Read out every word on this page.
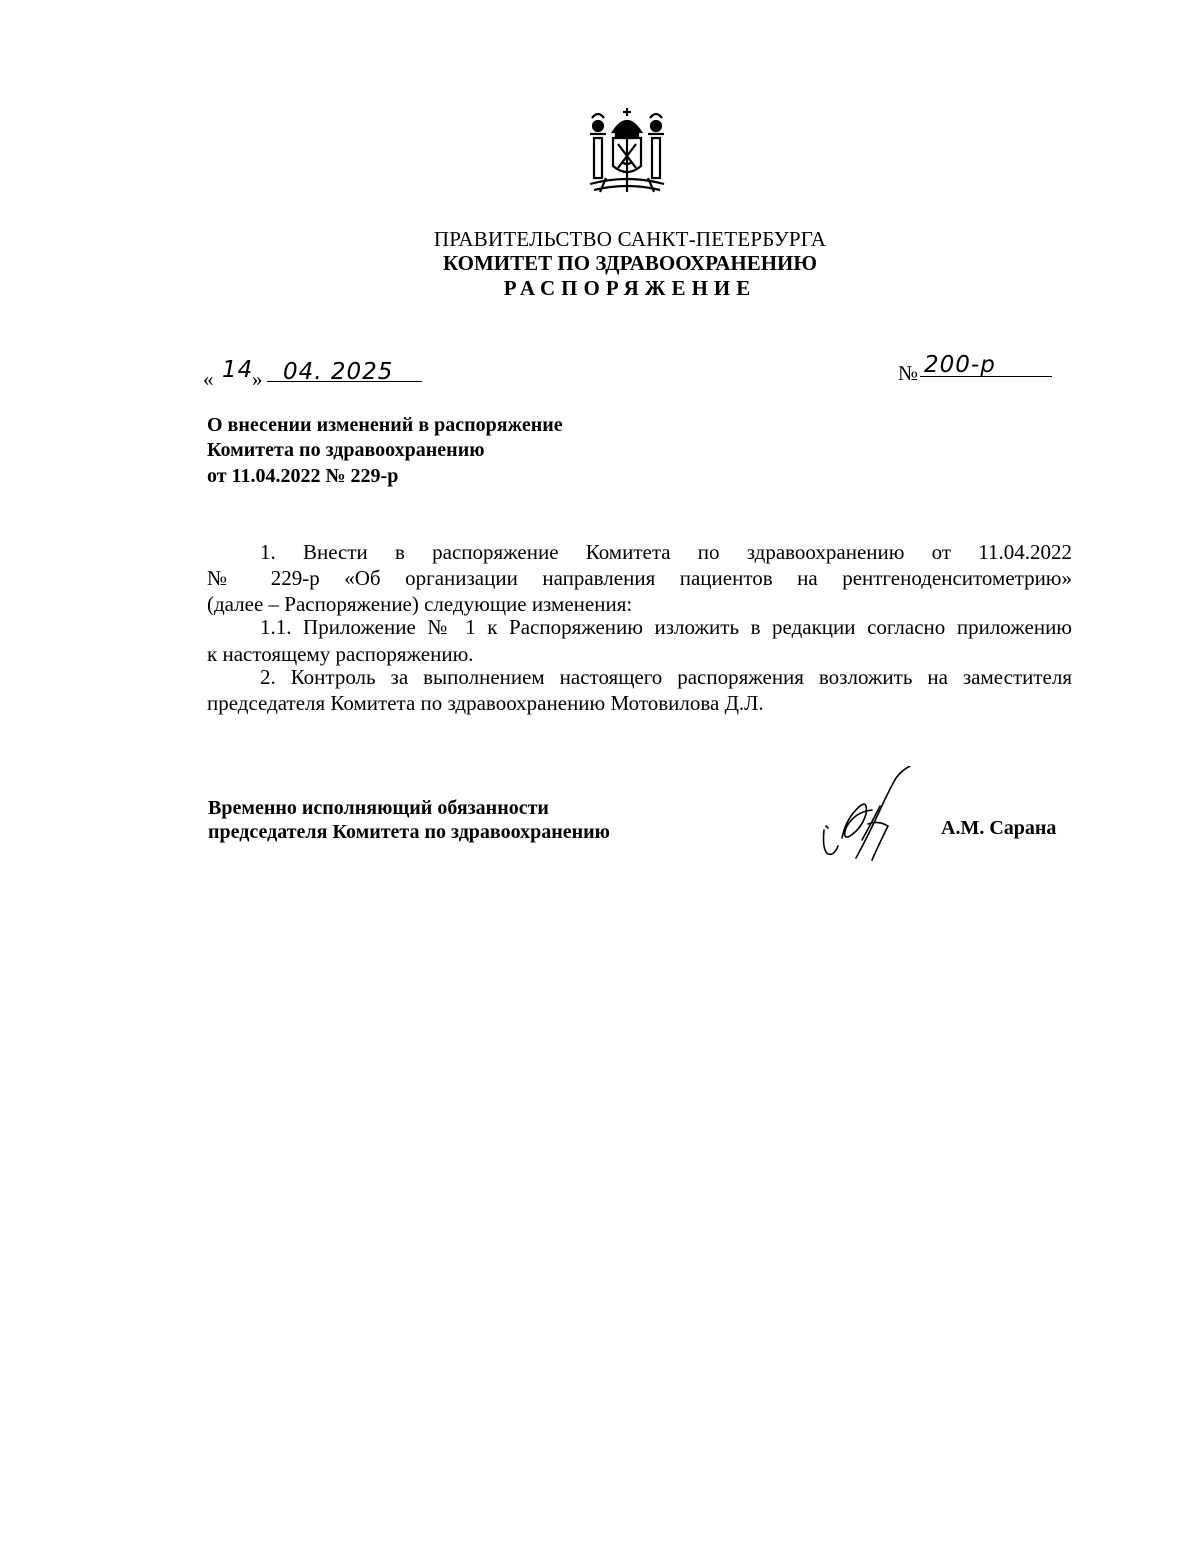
ПРАВИТЕЛЬСТВО САНКТ-ПЕТЕРБУРГА
КОМИТЕТ ПО ЗДРАВООХРАНЕНИЮ
РАСПОРЯЖЕНИЕ
« 14
» 04. 2025	№ 200-р
О внесении изменений в распоряжение
Комитета по здравоохранению
от 11.04.2022 № 229-р
1. Внести в распоряжение Комитета по здравоохранению от 11.04.2022
№ 229-р «Об организации направления пациентов на рентгеноденситометрию»
(далее – Распоряжение) следующие изменения:
1.1. Приложение № 1 к Распоряжению изложить в редакции согласно приложению
к настоящему распоряжению.
2. Контроль за выполнением настоящего распоряжения возложить на заместителя
председателя Комитета по здравоохранению Мотовилова Д.Л.
Временно исполняющий обязанности
председателя Комитета по здравоохранению	А.М. Сарана
